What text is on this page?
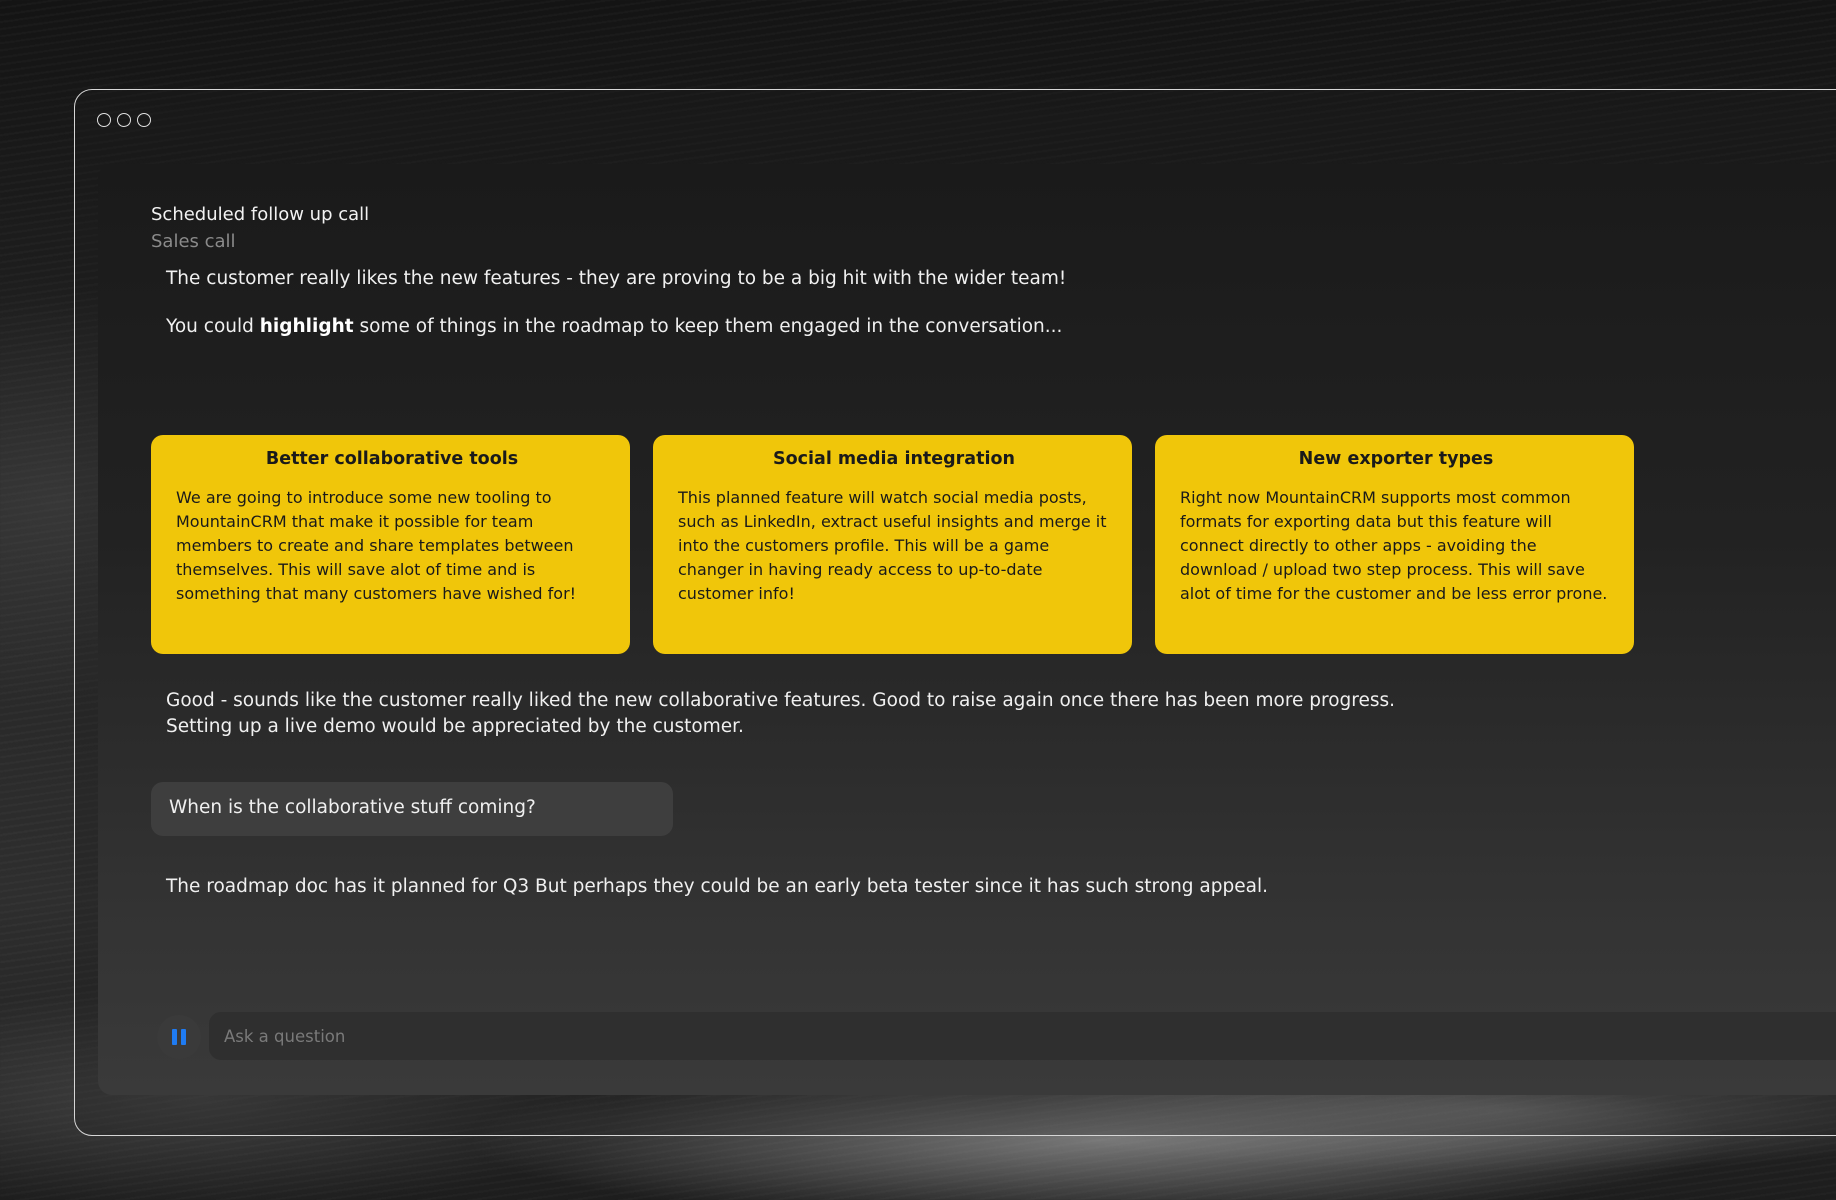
Scheduled follow up call
Sales call
The customer really likes the new features - they are proving to be a big hit with the wider team!
You could highlight some of things in the roadmap to keep them engaged in the conversation...
Better collaborative tools
We are going to introduce some new tooling to MountainCRM that make it possible for team members to create and share templates between themselves. This will save alot of time and is something that many customers have wished for!
Social media integration
This planned feature will watch social media posts, such as LinkedIn, extract useful insights and merge it into the customers profile. This will be a game changer in having ready access to up-to-date customer info!
New exporter types
Right now MountainCRM supports most common formats for exporting data but this feature will connect directly to other apps - avoiding the download / upload two step process. This will save alot of time for the customer and be less error prone.
Good - sounds like the customer really liked the new collaborative features. Good to raise again once there has been more progress.
Setting up a live demo would be appreciated by the customer.
When is the collaborative stuff coming?
The roadmap doc has it planned for Q3 But perhaps they could be an early beta tester since it has such strong appeal.
Ask a question
